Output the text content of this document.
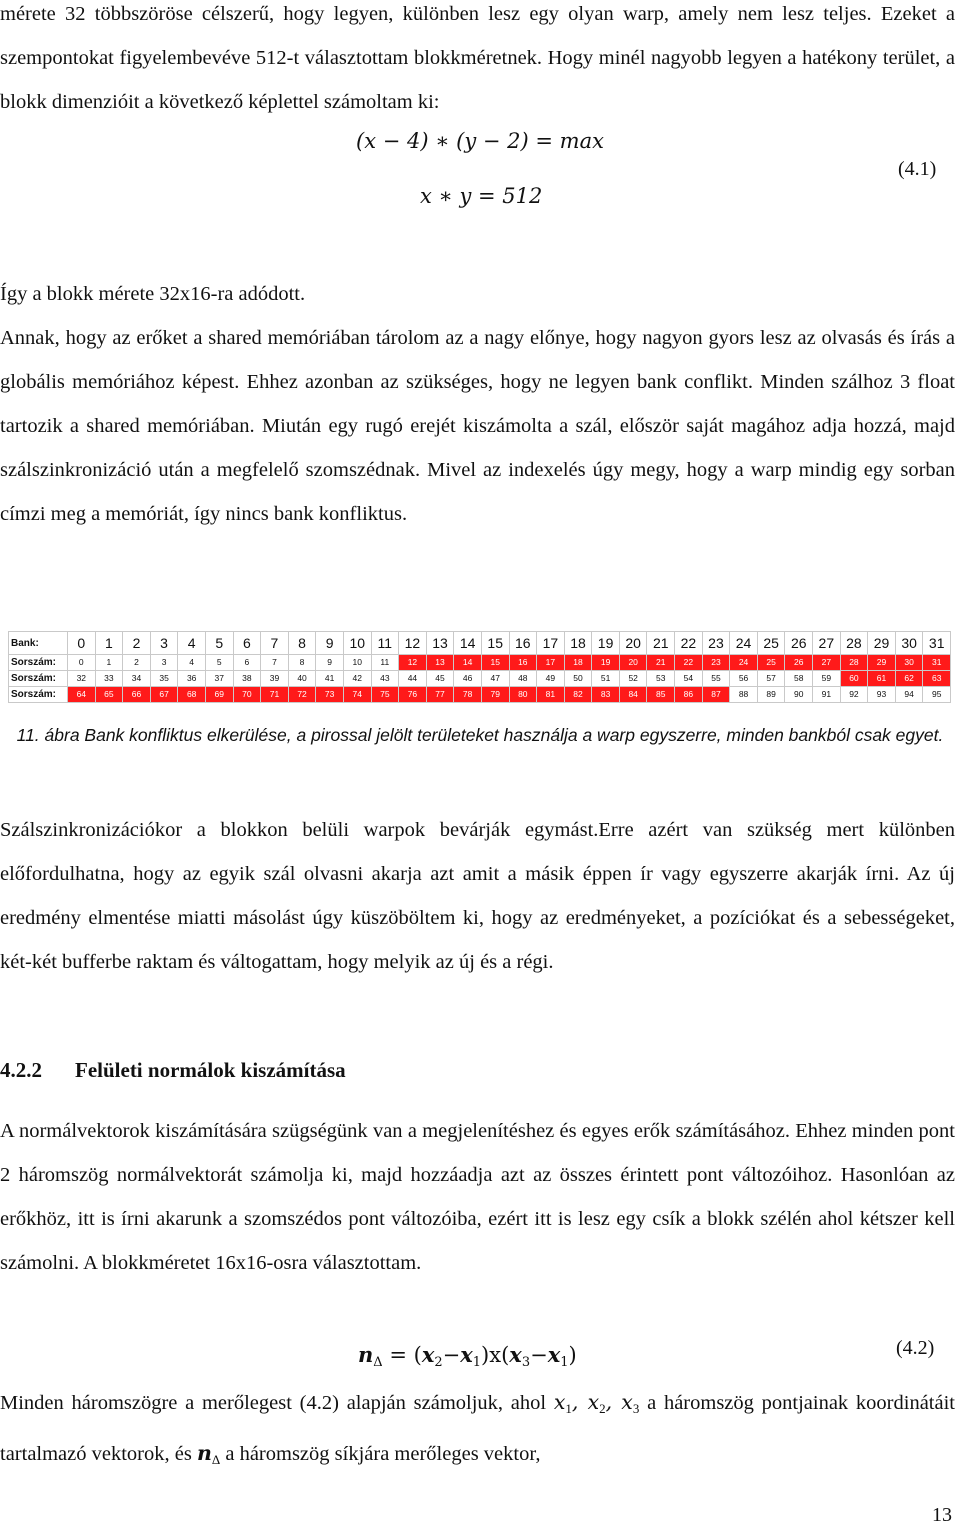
mérete 32 többszöröse célszerű, hogy legyen, különben lesz egy olyan warp, amely nem lesz teljes. Ezeket a szempontokat figyelembevéve 512-t választottam blokkméretnek. Hogy minél nagyobb legyen a hatékony terület, a blokk dimenzióit a következő képlettel számoltam ki:

(𝑥 − 4) ∗ (𝑦 − 2) = 𝑚𝑎𝑥
𝑥 ∗ 𝑦 = 512
(4.1)

Így a blokk mérete 32x16-ra adódott.

Annak, hogy az erőket a shared memóriában tárolom az a nagy előnye, hogy nagyon gyors lesz az olvasás és írás a globális memóriához képest. Ehhez azonban az szükséges, hogy ne legyen bank conflikt. Minden szálhoz 3 float tartozik a shared memóriában. Miután egy rugó erejét kiszámolta a szál, először saját magához adja hozzá, majd szálszinkronizáció után a megfelelő szomszédnak. Mivel az indexelés úgy megy, hogy a warp mindig egy sorban címzi meg a memóriát, így nincs bank konfliktus.

Bank:	0	1	2	3	4	5	6	7	8	9	10	11	12	13	14	15	16	17	18	19	20	21	22	23	24	25	26	27	28	29	30	31
Sorszám:	0	1	2	3	4	5	6	7	8	9	10	11	12	13	14	15	16	17	18	19	20	21	22	23	24	25	26	27	28	29	30	31
Sorszám:	32	33	34	35	36	37	38	39	40	41	42	43	44	45	46	47	48	49	50	51	52	53	54	55	56	57	58	59	60	61	62	63
Sorszám:	64	65	66	67	68	69	70	71	72	73	74	75	76	77	78	79	80	81	82	83	84	85	86	87	88	89	90	91	92	93	94	95
11. ábra Bank konfliktus elkerülése, a pirossal jelölt területeket használja a warp egyszerre, minden bankból csak egyet.

Szálszinkronizációkor a blokkon belüli warpok bevárják egymást.Erre azért van szükség mert különben előfordulhatna, hogy az egyik szál olvasni akarja azt amit a másik éppen ír vagy egyszerre akarják írni. Az új eredmény elmentése miatti másolást úgy küszöböltem ki, hogy az eredményeket, a pozíciókat és a sebességeket, két-két bufferbe raktam és váltogattam, hogy melyik az új és a régi.

4.2.2 Felületi normálok kiszámítása

A normálvektorok kiszámítására szügségünk van a megjelenítéshez és egyes erők számításához. Ehhez minden pont 2 háromszög normálvektorát számolja ki, majd hozzáadja azt az összes érintett pont változóihoz. Hasonlóan az erőkhöz, itt is írni akarunk a szomszédos pont változóiba, ezért itt is lesz egy csík a blokk szélén ahol kétszer kell számolni. A blokkméretet 16x16-osra választottam.

𝒏$_\Delta$ = (𝒙$_2$−𝒙$_1$)x(𝒙$_3$−𝒙$_1$)	(4.2)

Minden háromszögre a merőlegest (4.2) alapján számoljuk, ahol 𝑥$_1$, 𝑥$_2$, 𝑥$_3$ a háromszög pontjainak koordinátáit tartalmazó vektorok, és 𝒏$_\Delta$ a háromszög síkjára merőleges vektor,

13
